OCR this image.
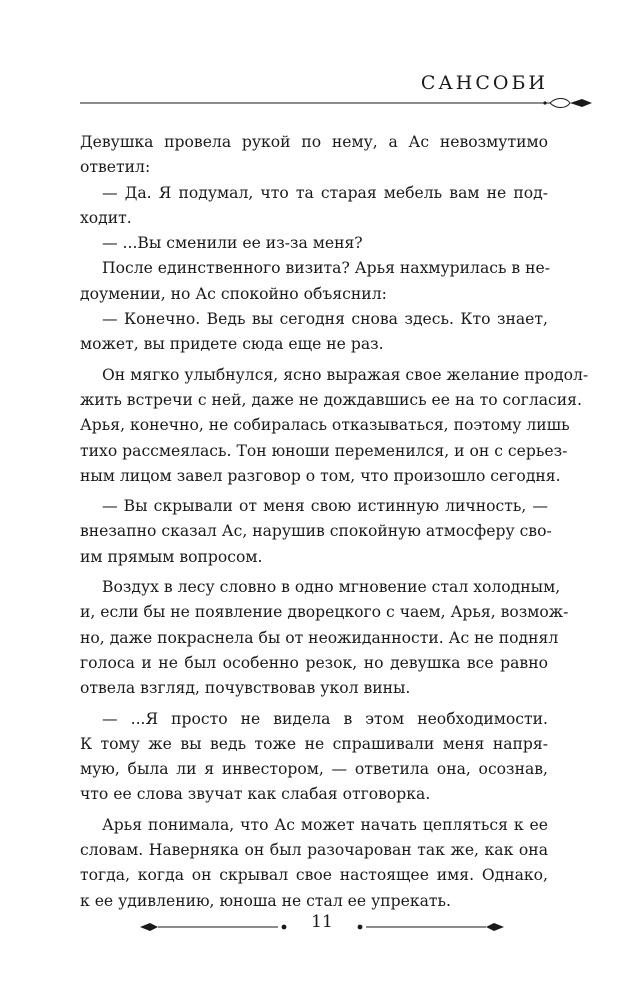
САНСОБИ
Девушка провела рукой по нему, а Ас невозмутимо
ответил:
— Да. Я подумал, что та старая мебель вам не под-
ходит.
— ...Вы сменили ее из-за меня?
После единственного визита? Арья нахмурилась в не-
доумении, но Ас спокойно объяснил:
— Конечно. Ведь вы сегодня снова здесь. Кто знает,
может, вы придете сюда еще не раз.
Он мягко улыбнулся, ясно выражая свое желание продол-
жить встречи с ней, даже не дождавшись ее на то согласия.
Арья, конечно, не собиралась отказываться, поэтому лишь
тихо рассмеялась. Тон юноши переменился, и он с серьез-
ным лицом завел разговор о том, что произошло сегодня.
— Вы скрывали от меня свою истинную личность, —
внезапно сказал Ас, нарушив спокойную атмосферу сво-
им прямым вопросом.
Воздух в лесу словно в одно мгновение стал холодным,
и, если бы не появление дворецкого с чаем, Арья, возмож-
но, даже покраснела бы от неожиданности. Ас не поднял
голоса и не был особенно резок, но девушка все равно
отвела взгляд, почувствовав укол вины.
— ...Я просто не видела в этом необходимости.
К тому же вы ведь тоже не спрашивали меня напря-
мую, была ли я инвестором, — ответила она, осознав,
что ее слова звучат как слабая отговорка.
Арья понимала, что Ас может начать цепляться к ее
словам. Наверняка он был разочарован так же, как она
тогда, когда он скрывал свое настоящее имя. Однако,
к ее удивлению, юноша не стал ее упрекать.
11
